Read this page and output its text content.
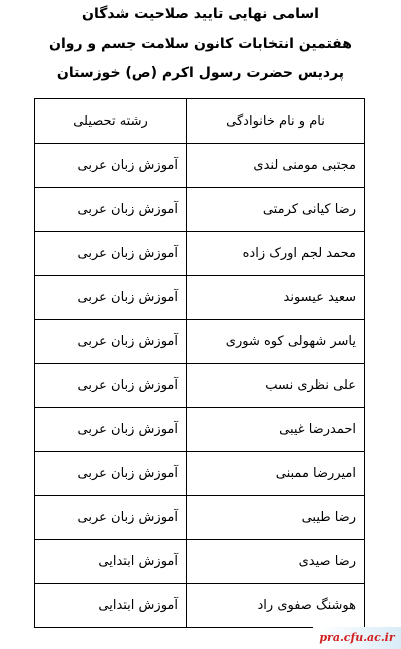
اسامی نهایی تایید صلاحیت شدگان
هفتمین انتخابات کانون سلامت جسم و روان
پردیس حضرت رسول اکرم (ص) خوزستان
نام و نام خانوادگی	رشته تحصیلی
مجتبی مومنی لندی	آموزش زبان عربی
رضا کیانی کرمتی	آموزش زبان عربی
محمد لجم اورک زاده	آموزش زبان عربی
سعید عیسوند	آموزش زبان عربی
یاسر شهولی کوه شوری	آموزش زبان عربی
علی نظری نسب	آموزش زبان عربی
احمدرضا غیبی	آموزش زبان عربی
امیررضا ممبنی	آموزش زبان عربی
رضا طیبی	آموزش زبان عربی
رضا صیدی	آموزش ابتدایی
هوشنگ صفوی راد	آموزش ابتدایی
pra.cfu.ac.ir
